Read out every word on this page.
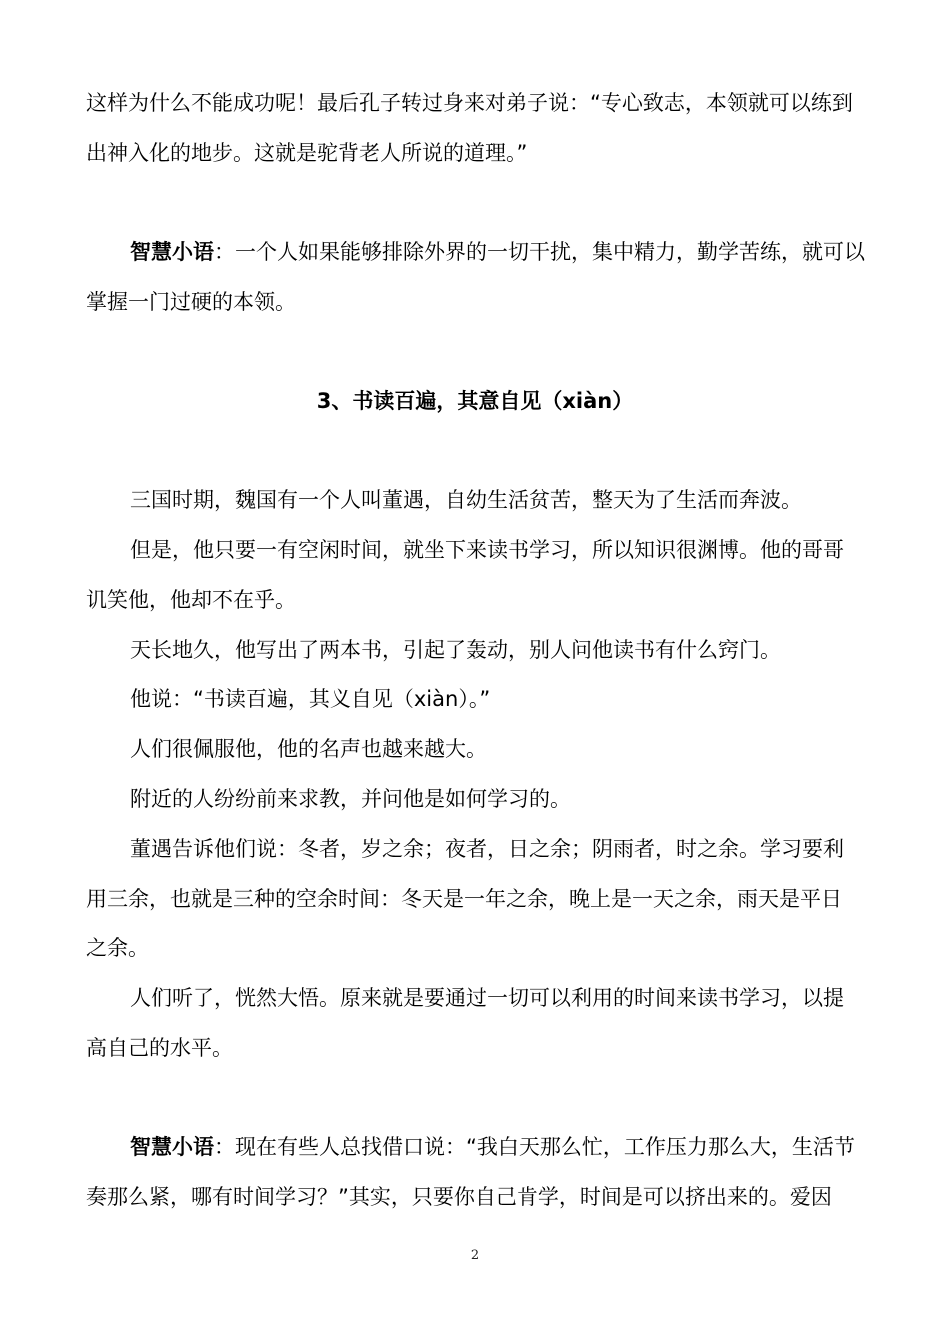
这样为什么不能成功呢！最后孔子转过身来对弟子说：“专心致志，本领就可以练到
出神入化的地步。这就是驼背老人所说的道理。”
智慧小语：一个人如果能够排除外界的一切干扰，集中精力，勤学苦练，就可以
掌握一门过硬的本领。
3、书读百遍，其意自见（xiàn）
三国时期，魏国有一个人叫董遇，自幼生活贫苦，整天为了生活而奔波。
但是，他只要一有空闲时间，就坐下来读书学习，所以知识很渊博。他的哥哥
讥笑他，他却不在乎。
天长地久，他写出了两本书，引起了轰动，别人问他读书有什么窍门。
他说：“书读百遍，其义自见（xiàn）。”
人们很佩服他，他的名声也越来越大。
附近的人纷纷前来求教，并问他是如何学习的。
董遇告诉他们说：冬者，岁之余；夜者，日之余；阴雨者，时之余。学习要利
用三余，也就是三种的空余时间：冬天是一年之余，晚上是一天之余，雨天是平日
之余。
人们听了，恍然大悟。原来就是要通过一切可以利用的时间来读书学习，以提
高自己的水平。
智慧小语：现在有些人总找借口说：“我白天那么忙，工作压力那么大，生活节
奏那么紧，哪有时间学习？”其实，只要你自己肯学，时间是可以挤出来的。爱因
2
